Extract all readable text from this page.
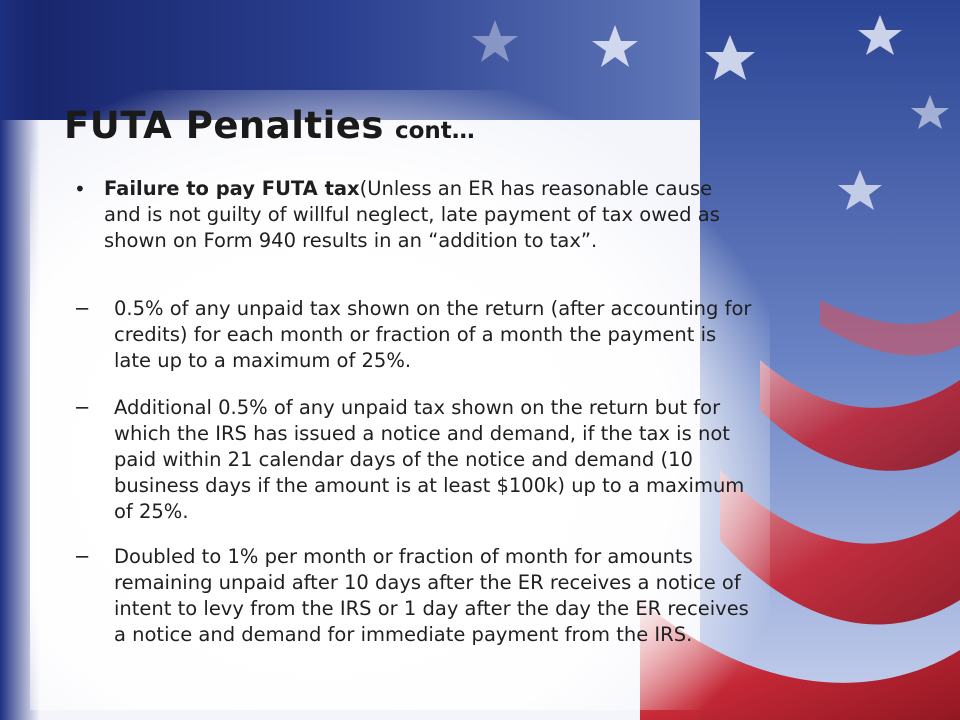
FUTA Penalties cont…
• Failure to pay FUTA tax(Unless an ER has reasonable cause and is not guilty of willful neglect, late payment of tax owed as shown on Form 940 results in an “addition to tax”.
−	0.5% of any unpaid tax shown on the return (after accounting for credits) for each month or fraction of a month the payment is late up to a maximum of 25%.
−	Additional 0.5% of any unpaid tax shown on the return but for which the IRS has issued a notice and demand, if the tax is not paid within 21 calendar days of the notice and demand (10 business days if the amount is at least $100k) up to a maximum of 25%.
−	Doubled to 1% per month or fraction of month for amounts remaining unpaid after 10 days after the ER receives a notice of intent to levy from the IRS or 1 day after the day the ER receives a notice and demand for immediate payment from the IRS.
